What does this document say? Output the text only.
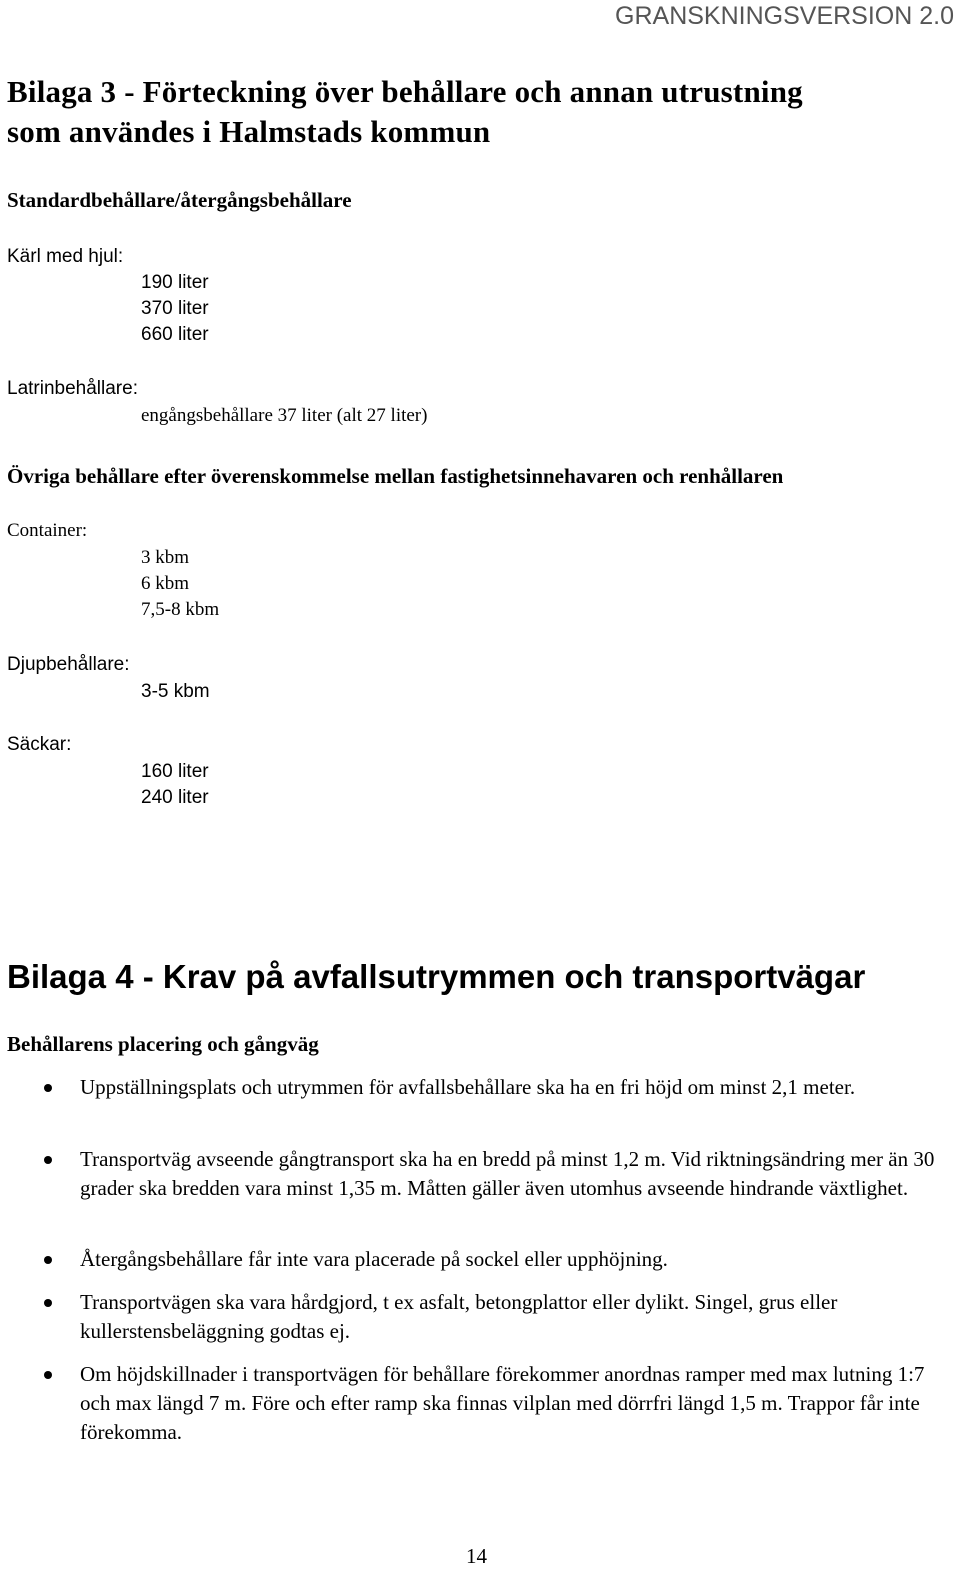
GRANSKNINGSVERSION 2.0
Bilaga 3 - Förteckning över behållare och annan utrustning
som användes i Halmstads kommun
Standardbehållare/återgångsbehållare
Kärl med hjul:
190 liter
370 liter
660 liter
Latrinbehållare:
engångsbehållare 37 liter (alt 27 liter)
Övriga behållare efter överenskommelse mellan fastighetsinnehavaren och renhållaren
Container:
3 kbm
6 kbm
7,5-8 kbm
Djupbehållare:
3-5 kbm
Säckar:
160 liter
240 liter
Bilaga 4 - Krav på avfallsutrymmen och transportvägar
Behållarens placering och gångväg
Uppställningsplats och utrymmen för avfallsbehållare ska ha en fri höjd om minst 2,1 meter.
Transportväg avseende gångtransport ska ha en bredd på minst 1,2 m. Vid riktningsändring mer än 30 grader ska bredden vara minst 1,35 m. Måtten gäller även utomhus avseende hindrande växtlighet.
Återgångsbehållare får inte vara placerade på sockel eller upphöjning.
Transportvägen ska vara hårdgjord, t ex asfalt, betongplattor eller dylikt. Singel, grus eller kullerstensbeläggning godtas ej.
Om höjdskillnader i transportvägen för behållare förekommer anordnas ramper med max lutning 1:7 och max längd 7 m. Före och efter ramp ska finnas vilplan med dörrfri längd 1,5 m. Trappor får inte förekomma.
14
